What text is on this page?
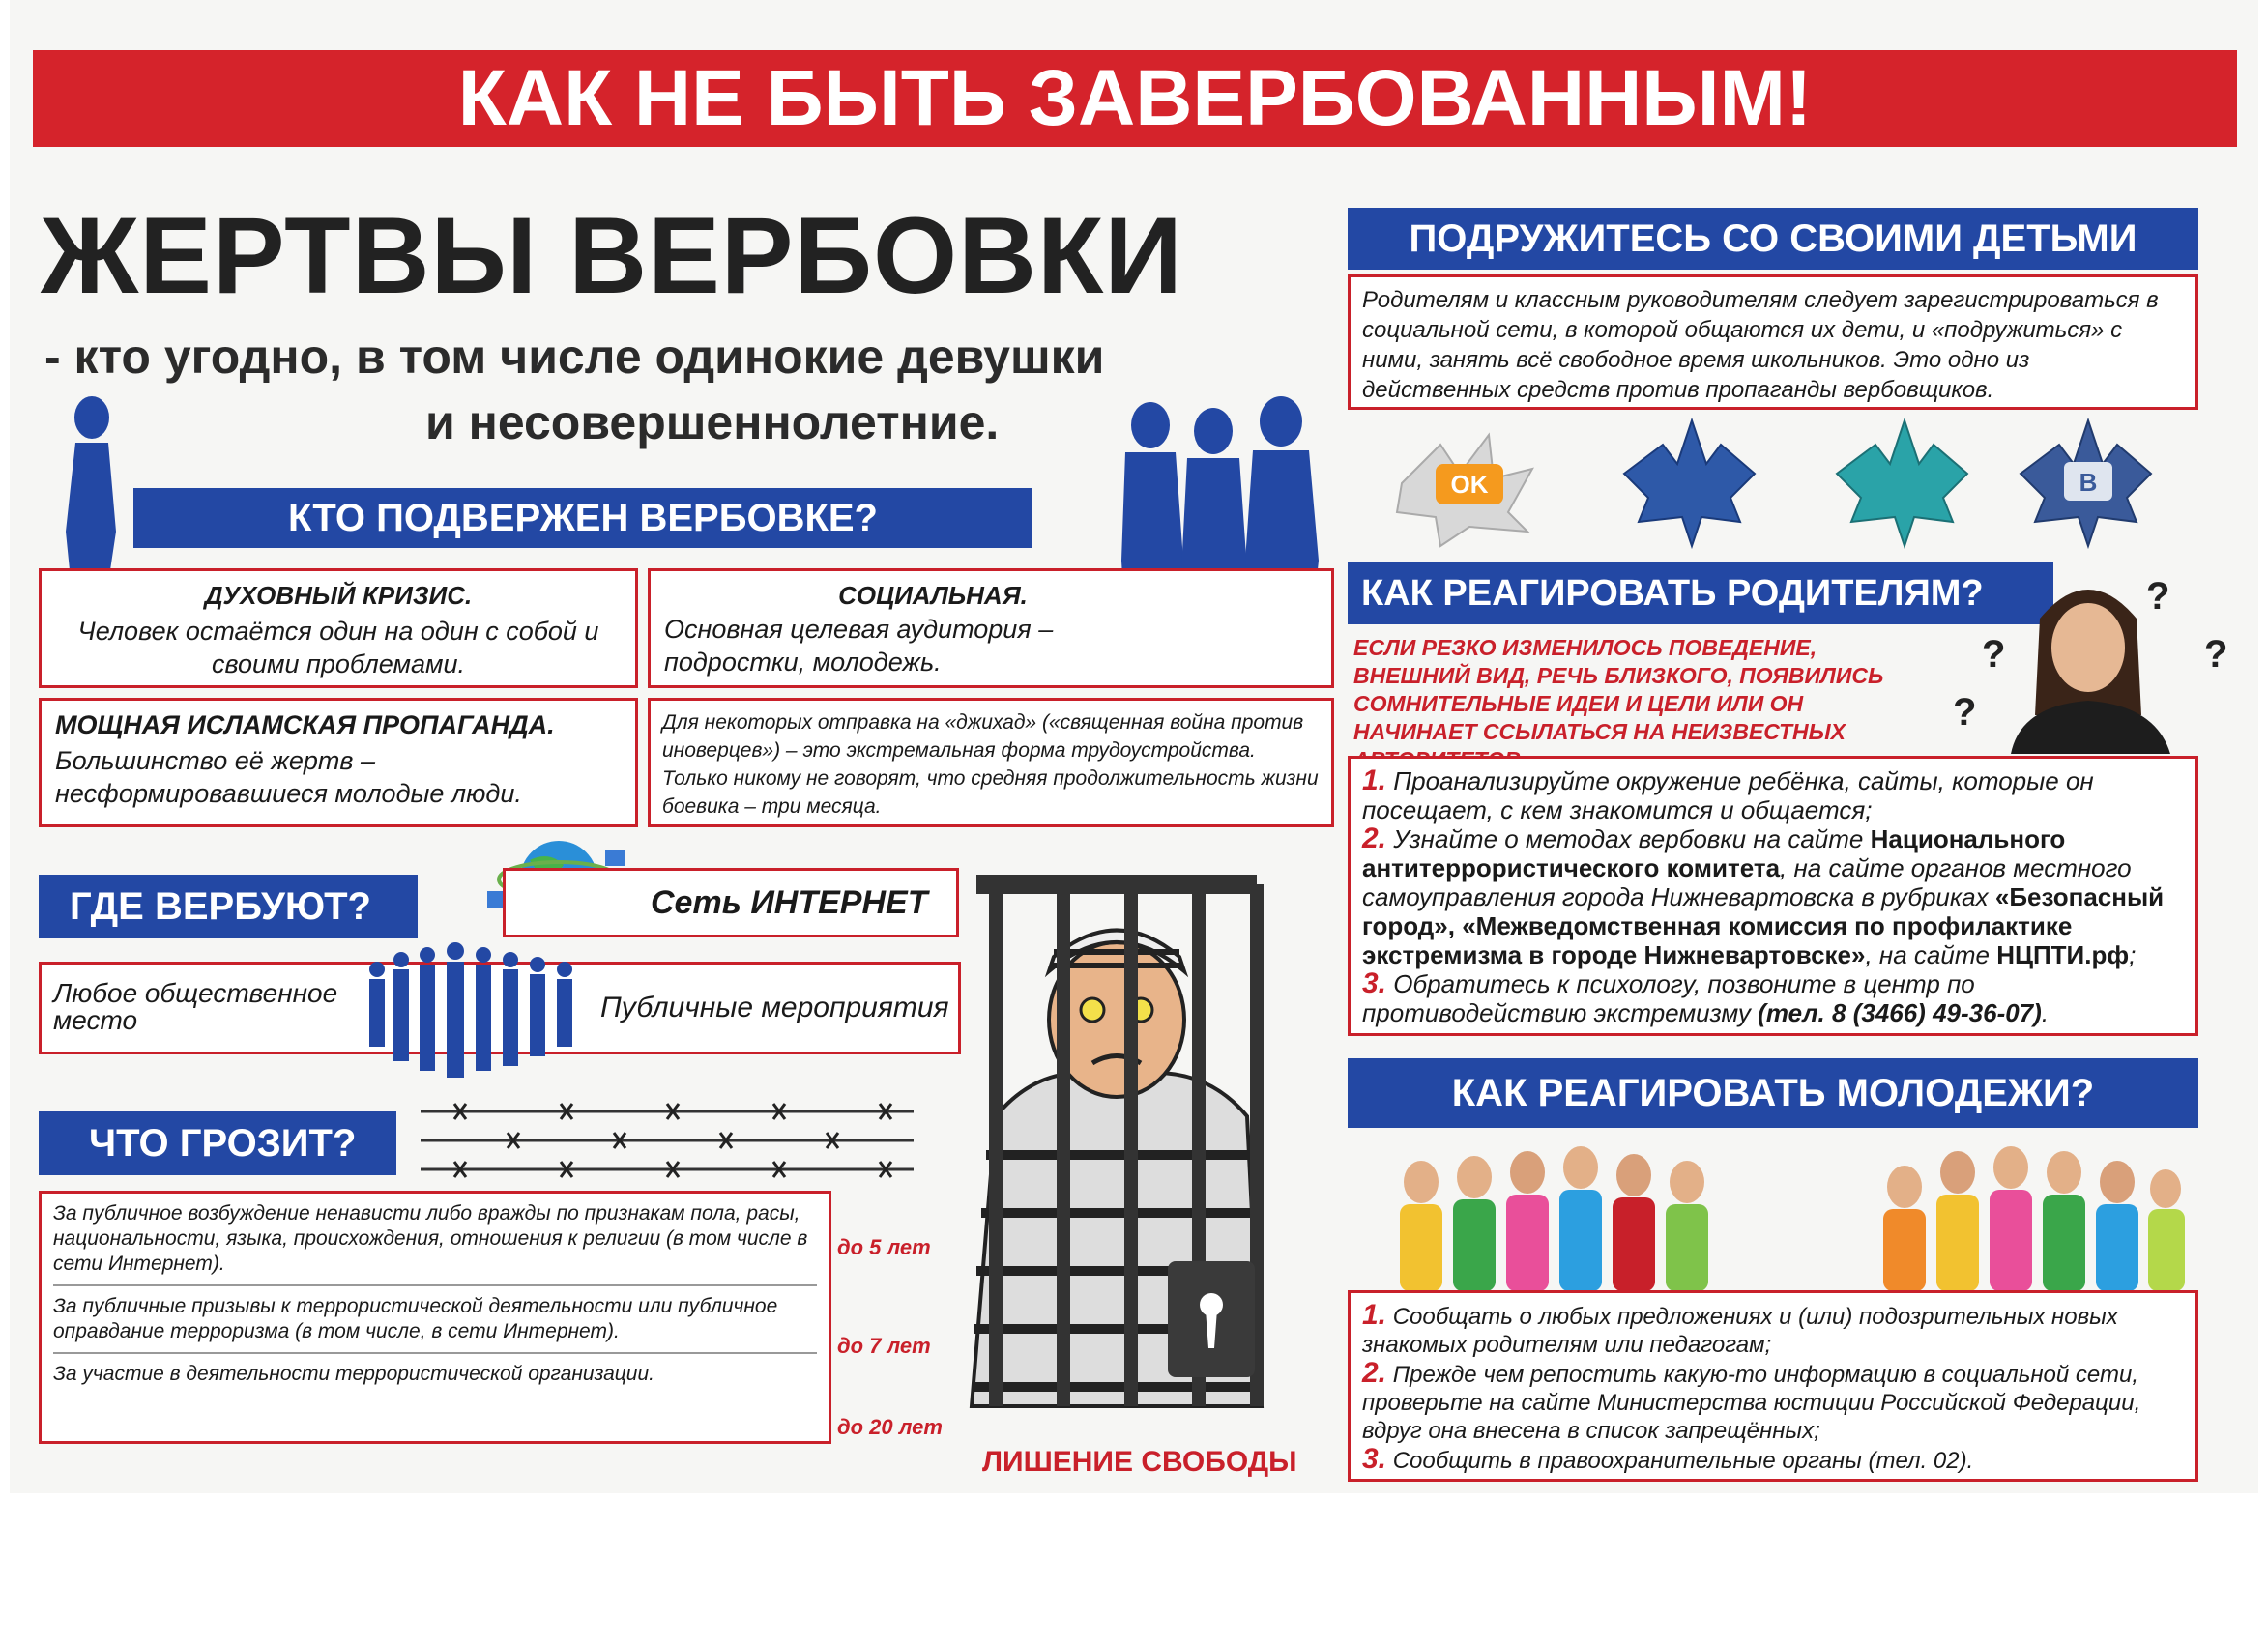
КАК НЕ БЫТЬ ЗАВЕРБОВАННЫМ!
ЖЕРТВЫ ВЕРБОВКИ
- кто угодно, в том числе одинокие девушки
и несовершеннолетние.
КТО ПОДВЕРЖЕН ВЕРБОВКЕ?
ДУХОВНЫЙ КРИЗИС.
Человек остаётся один на один с собой и своими проблемами.
СОЦИАЛЬНАЯ.
Основная целевая аудитория – подростки, молодежь.
МОЩНАЯ ИСЛАМСКАЯ ПРОПАГАНДА.
Большинство её жертв – несформировавшиеся молодые люди.
Для некоторых отправка на «джихад» («священная война против иноверцев») – это экстремальная форма трудоустройства. Только никому не говорят, что средняя продолжительность жизни боевика – три месяца.
ГДЕ ВЕРБУЮТ?	Сеть ИНТЕРНЕТ
Любое общественное место	Публичные мероприятия
ЧТО ГРОЗИТ?
За публичное возбуждение ненависти либо вражды по признакам пола, расы, национальности, языка, происхождения, отношения к религии (в том числе в сети Интернет).
За публичные призывы к террористической деятельности или публичное оправдание терроризма (в том числе, в сети Интернет).
За участие в деятельности террористической организации.
до 5 лет
до 7 лет
до 20 лет
ЛИШЕНИЕ СВОБОДЫ
ПОДРУЖИТЕСЬ СО СВОИМИ ДЕТЬМИ
Родителям и классным руководителям следует зарегистрироваться в социальной сети, в которой общаются их дети, и «подружиться» с ними, занять всё свободное время школьников. Это одно из действенных средств против пропаганды вербовщиков.
OK	В
КАК РЕАГИРОВАТЬ РОДИТЕЛЯМ?	?
?
?
?
ЕСЛИ РЕЗКО ИЗМЕНИЛОСЬ ПОВЕДЕНИЕ, ВНЕШНИЙ ВИД, РЕЧЬ БЛИЗКОГО, ПОЯВИЛИСЬ СОМНИТЕЛЬНЫЕ ИДЕИ И ЦЕЛИ ИЛИ ОН НАЧИНАЕТ ССЫЛАТЬСЯ НА НЕИЗВЕСТНЫХ
1. Проанализируйте окружение ребёнка, сайты, которые он посещает, с кем знакомится и общается;
2. Узнайте о методах вербовки на сайте Национального антитеррористического комитета, на сайте органов местного самоуправления города Нижневартовска в рубриках «Безопасный город», «Межведомственная комиссия по профилактике экстремизма в городе Нижневартовске», на сайте НЦПТИ.рф;
3. Обратитесь к психологу, позвоните в центр по противодействию экстремизму (тел. 8 (3466) 49-36-07).
КАК РЕАГИРОВАТЬ МОЛОДЕЖИ?
1. Сообщать о любых предложениях и (или) подозрительных новых знакомых родителям или педагогам;
2. Прежде чем репостить какую-то информацию в социальной сети, проверьте на сайте Министерства юстиции Российской Федерации, вдруг она внесена в список запрещённых;
3. Сообщить в правоохранительные органы (тел. 02).
